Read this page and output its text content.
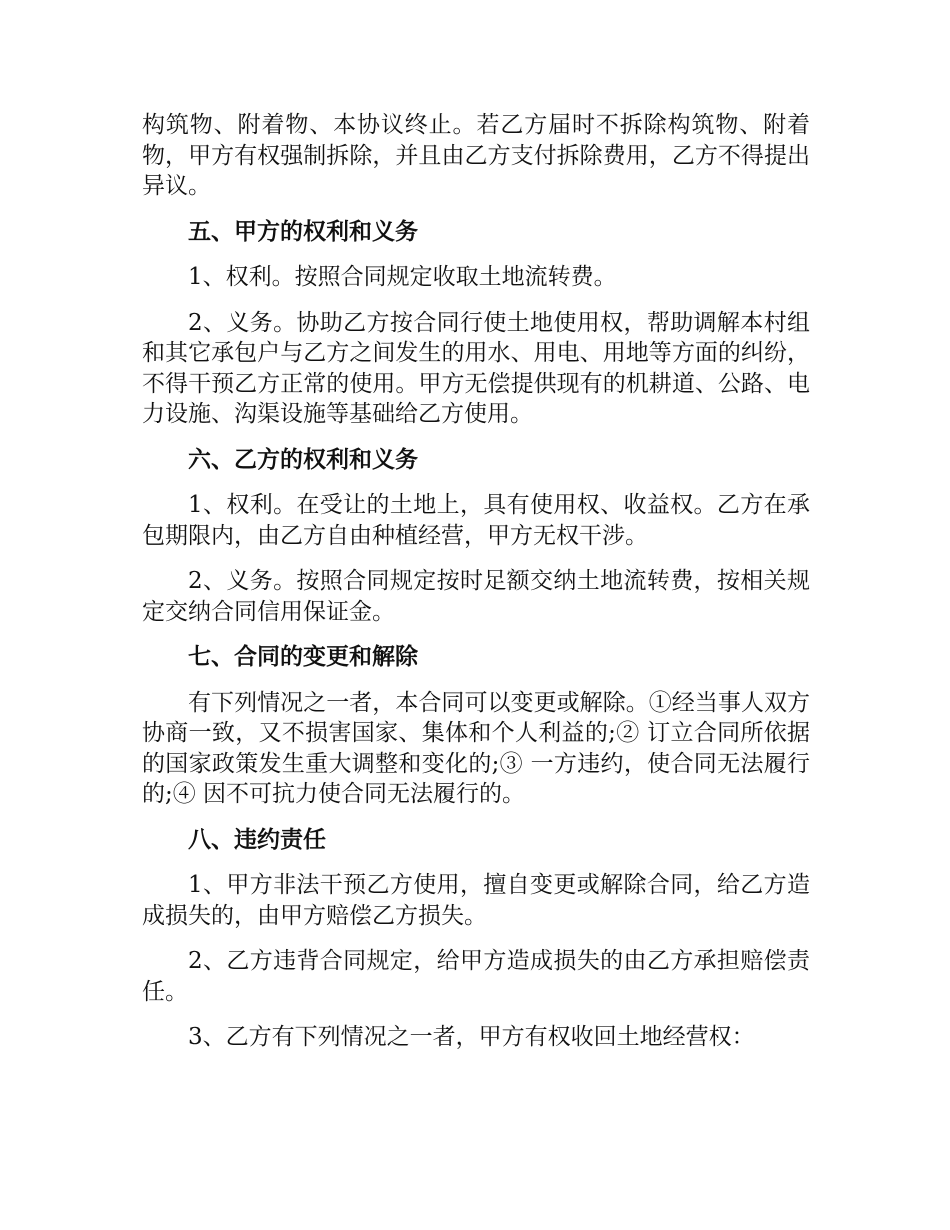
构筑物、附着物、本协议终止。若乙方届时不拆除构筑物、附着物，甲方有权强制拆除，并且由乙方支付拆除费用，乙方不得提出异议。

五、甲方的权利和义务

1、权利。按照合同规定收取土地流转费。

2、义务。协助乙方按合同行使土地使用权，帮助调解本村组和其它承包户与乙方之间发生的用水、用电、用地等方面的纠纷，不得干预乙方正常的使用。甲方无偿提供现有的机耕道、公路、电力设施、沟渠设施等基础给乙方使用。

六、乙方的权利和义务

1、权利。在受让的土地上，具有使用权、收益权。乙方在承包期限内，由乙方自由种植经营，甲方无权干涉。

2、义务。按照合同规定按时足额交纳土地流转费，按相关规定交纳合同信用保证金。

七、合同的变更和解除

有下列情况之一者，本合同可以变更或解除。①经当事人双方协商一致，又不损害国家、集体和个人利益的;② 订立合同所依据的国家政策发生重大调整和变化的;③ 一方违约，使合同无法履行的;④ 因不可抗力使合同无法履行的。

八、违约责任

1、甲方非法干预乙方使用，擅自变更或解除合同，给乙方造成损失的，由甲方赔偿乙方损失。

2、乙方违背合同规定，给甲方造成损失的由乙方承担赔偿责任。

3、乙方有下列情况之一者，甲方有权收回土地经营权：
